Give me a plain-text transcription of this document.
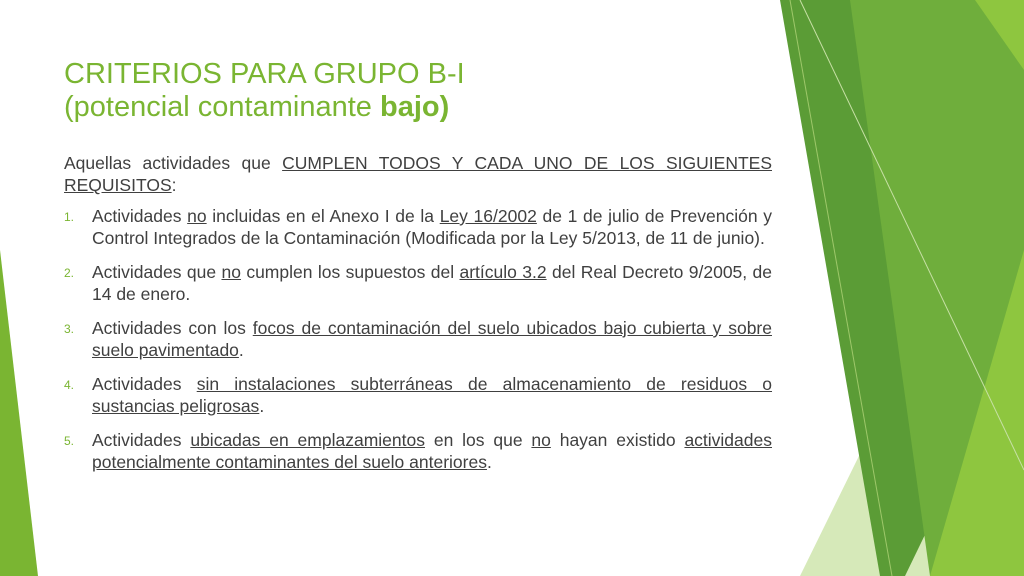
CRITERIOS PARA GRUPO B-I
(potencial contaminante bajo)

Aquellas actividades que CUMPLEN TODOS Y CADA UNO DE LOS SIGUIENTES REQUISITOS:

1. Actividades no incluidas en el Anexo I de la Ley 16/2002 de 1 de julio de Prevención y Control Integrados de la Contaminación (Modificada por la Ley 5/2013, de 11 de junio).
2. Actividades que no cumplen los supuestos del artículo 3.2 del Real Decreto 9/2005, de 14 de enero.
3. Actividades con los focos de contaminación del suelo ubicados bajo cubierta y sobre suelo pavimentado.
4. Actividades sin instalaciones subterráneas de almacenamiento de residuos o sustancias peligrosas.
5. Actividades ubicadas en emplazamientos en los que no hayan existido actividades potencialmente contaminantes del suelo anteriores.
